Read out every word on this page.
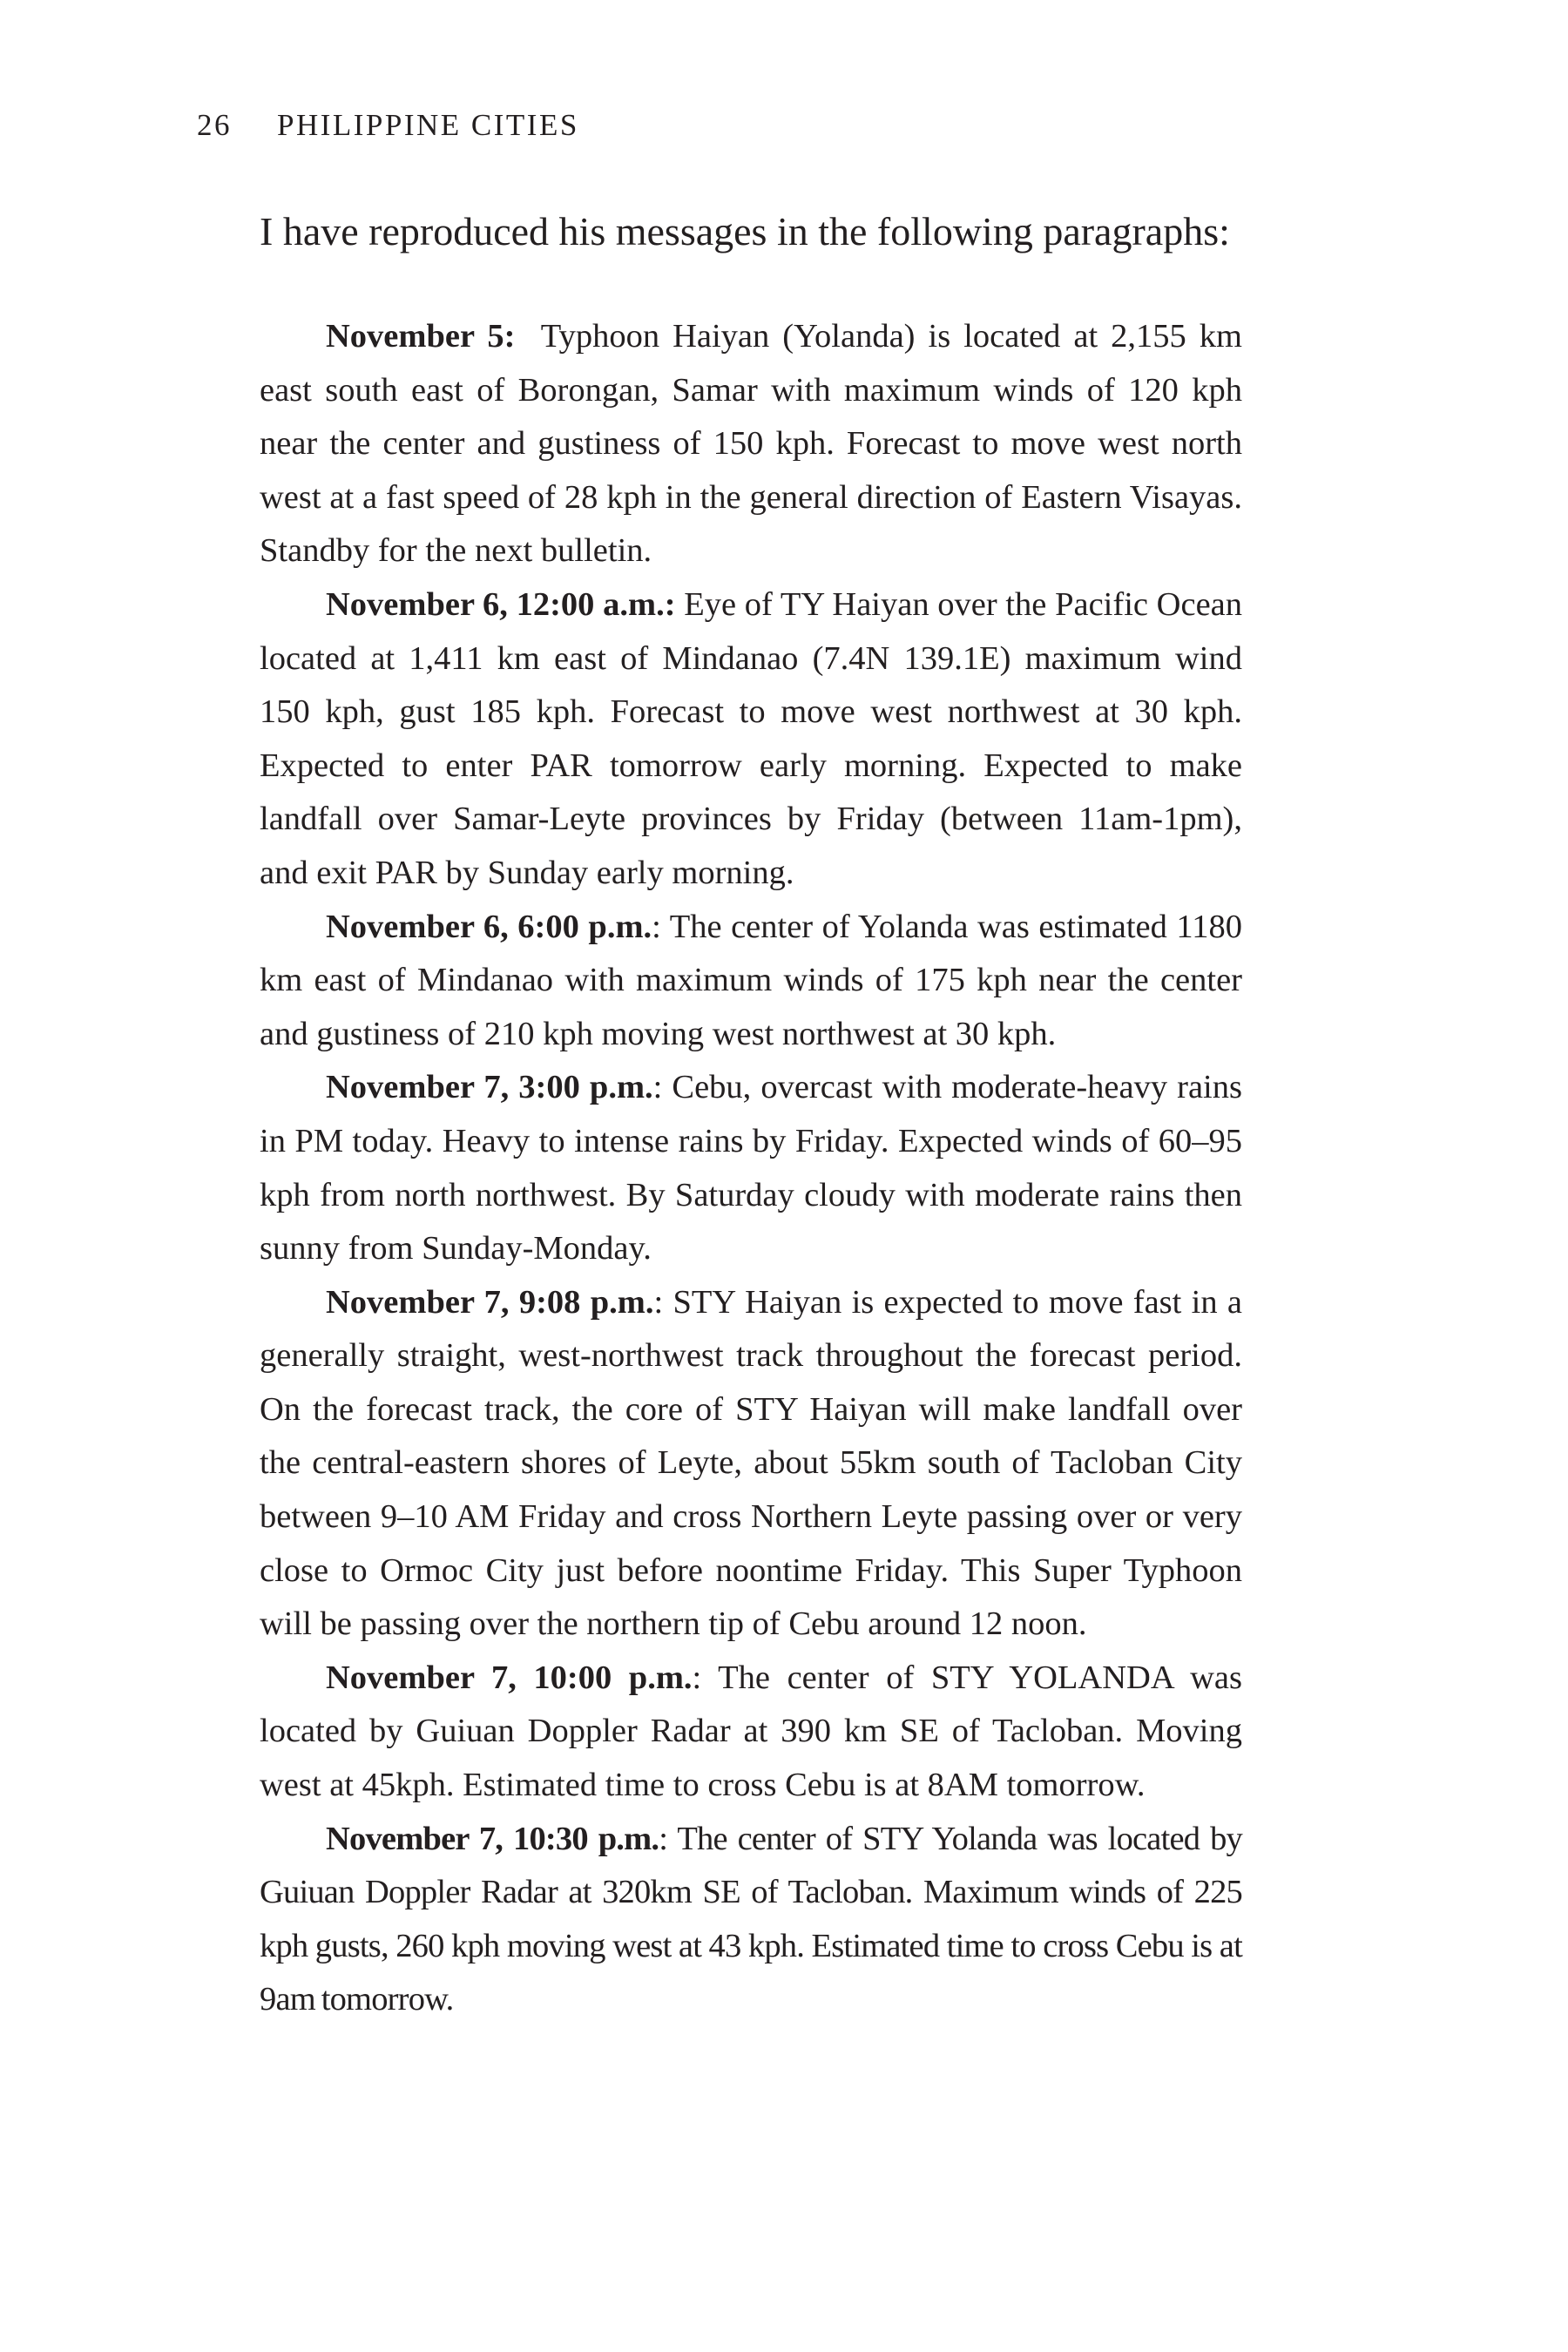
26 PHILIPPINE CITIES

I have reproduced his messages in the following paragraphs:

November 5:  Typhoon Haiyan (Yolanda) is located at 2,155 km east south east of Borongan, Samar with maximum winds of 120 kph near the center and gustiness of 150 kph. Forecast to move west north west at a fast speed of 28 kph in the general direction of Eastern Visayas. Standby for the next bulletin.

November 6, 12:00 a.m.: Eye of TY Haiyan over the Pacific Ocean located at 1,411 km east of Mindanao (7.4N 139.1E) maximum wind 150 kph, gust 185 kph. Forecast to move west northwest at 30 kph. Expected to enter PAR tomorrow early morning. Expected to make landfall over Samar-Leyte provinces by Friday (between 11am-1pm), and exit PAR by Sunday early morning.

November 6, 6:00 p.m.: The center of Yolanda was estimated 1180 km east of Mindanao with maximum winds of 175 kph near the center and gustiness of 210 kph moving west northwest at 30 kph.

November 7, 3:00 p.m.: Cebu, overcast with moderate-heavy rains in PM today. Heavy to intense rains by Friday. Expected winds of 60–95 kph from north northwest. By Saturday cloudy with moderate rains then sunny from Sunday-Monday.

November 7, 9:08 p.m.: STY Haiyan is expected to move fast in a generally straight, west-northwest track throughout the forecast period. On the forecast track, the core of STY Haiyan will make landfall over the central-eastern shores of Leyte, about 55km south of Tacloban City between 9–10 AM Friday and cross Northern Leyte passing over or very close to Ormoc City just before noontime Friday. This Super Typhoon will be passing over the northern tip of Cebu around 12 noon.

November 7, 10:00 p.m.: The center of STY YOLANDA was located by Guiuan Doppler Radar at 390 km SE of Tacloban. Moving west at 45kph. Estimated time to cross Cebu is at 8AM tomorrow.

November 7, 10:30 p.m.: The center of STY Yolanda was located by Guiuan Doppler Radar at 320km SE of Tacloban. Maximum winds of 225 kph gusts, 260 kph moving west at 43 kph. Estimated time to cross Cebu is at 9am tomorrow.
